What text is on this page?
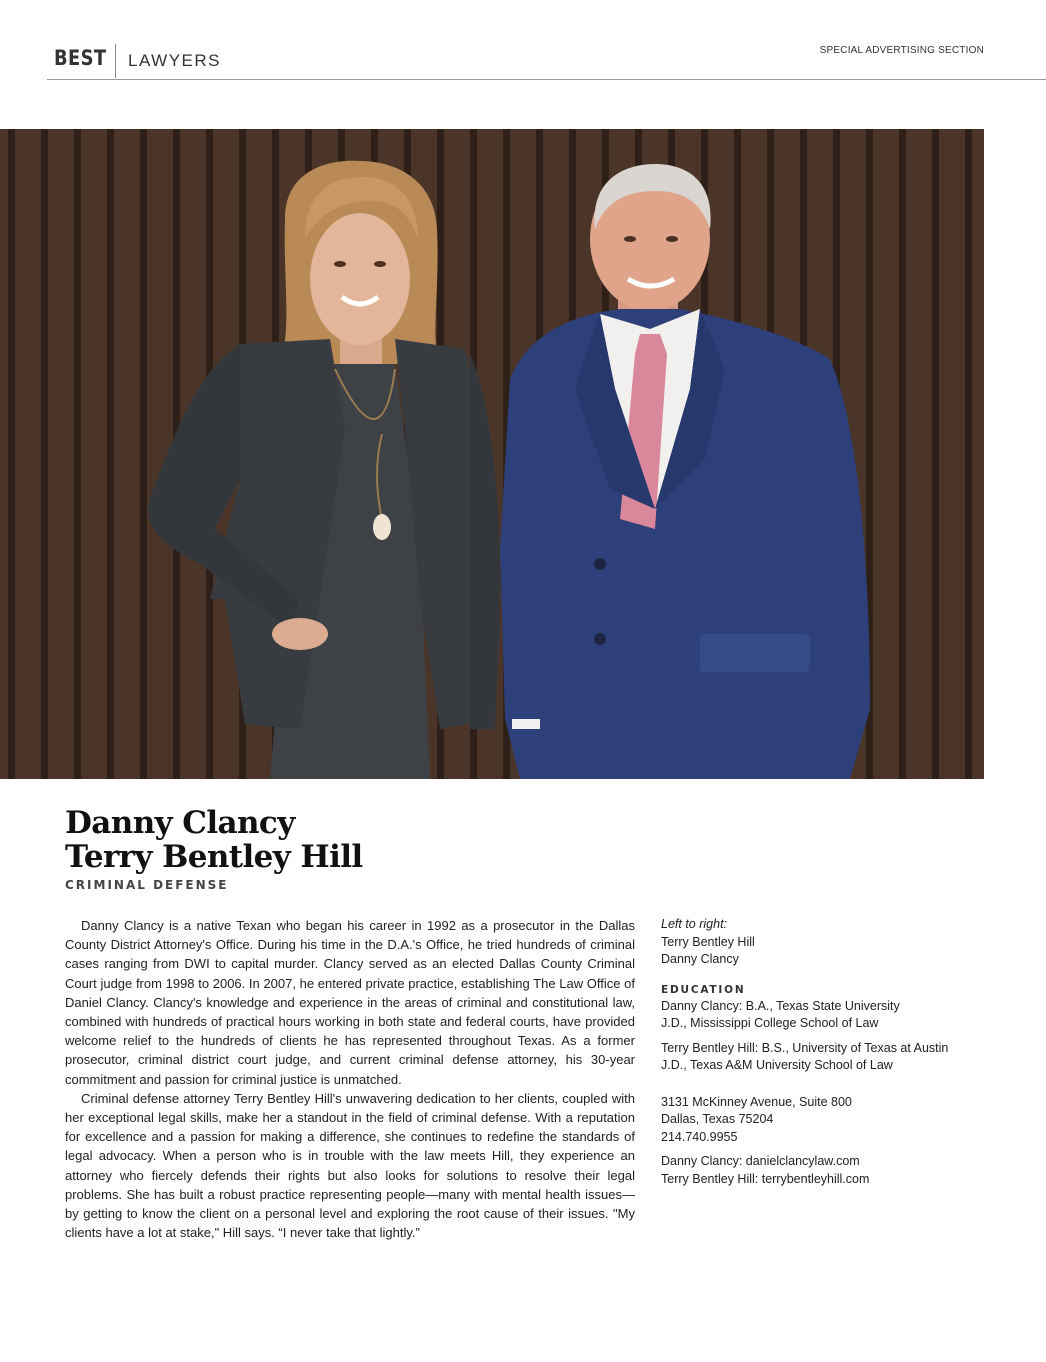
BEST LAWYERS
SPECIAL ADVERTISING SECTION
VANESSA GAVALYA
Danny Clancy
Terry Bentley Hill
CRIMINAL DEFENSE

Danny Clancy is a native Texan who began his career in 1992 as a prosecutor in the Dallas County District Attorney's Office. During his time in the D.A.'s Office, he tried hundreds of criminal cases ranging from DWI to capital murder. Clancy served as an elected Dallas County Criminal Court judge from 1998 to 2006. In 2007, he entered private practice, establishing The Law Office of Daniel Clancy. Clancy's knowledge and experience in the areas of criminal and constitutional law, combined with hundreds of practical hours working in both state and federal courts, have provided welcome relief to the hundreds of clients he has represented throughout Texas. As a former prosecutor, criminal district court judge, and current criminal defense attorney, his 30-year commitment and passion for criminal justice is unmatched.

Criminal defense attorney Terry Bentley Hill's unwavering dedication to her clients, coupled with her exceptional legal skills, make her a standout in the field of criminal defense. With a reputation for excellence and a passion for making a difference, she continues to redefine the standards of legal advocacy. When a person who is in trouble with the law meets Hill, they experience an attorney who fiercely defends their rights but also looks for solutions to resolve their legal problems. She has built a robust practice representing people—many with mental health issues—by getting to know the client on a personal level and exploring the root cause of their issues. "My clients have a lot at stake," Hill says. “I never take that lightly.”

Left to right:
Terry Bentley Hill
Danny Clancy
EDUCATION
Danny Clancy: B.A., Texas State University
J.D., Mississippi College School of Law
Terry Bentley Hill: B.S., University of Texas at Austin
J.D., Texas A&M University School of Law
3131 McKinney Avenue, Suite 800
Dallas, Texas 75204
214.740.9955
Danny Clancy: danielclancylaw.com
Terry Bentley Hill: terrybentleyhill.com
